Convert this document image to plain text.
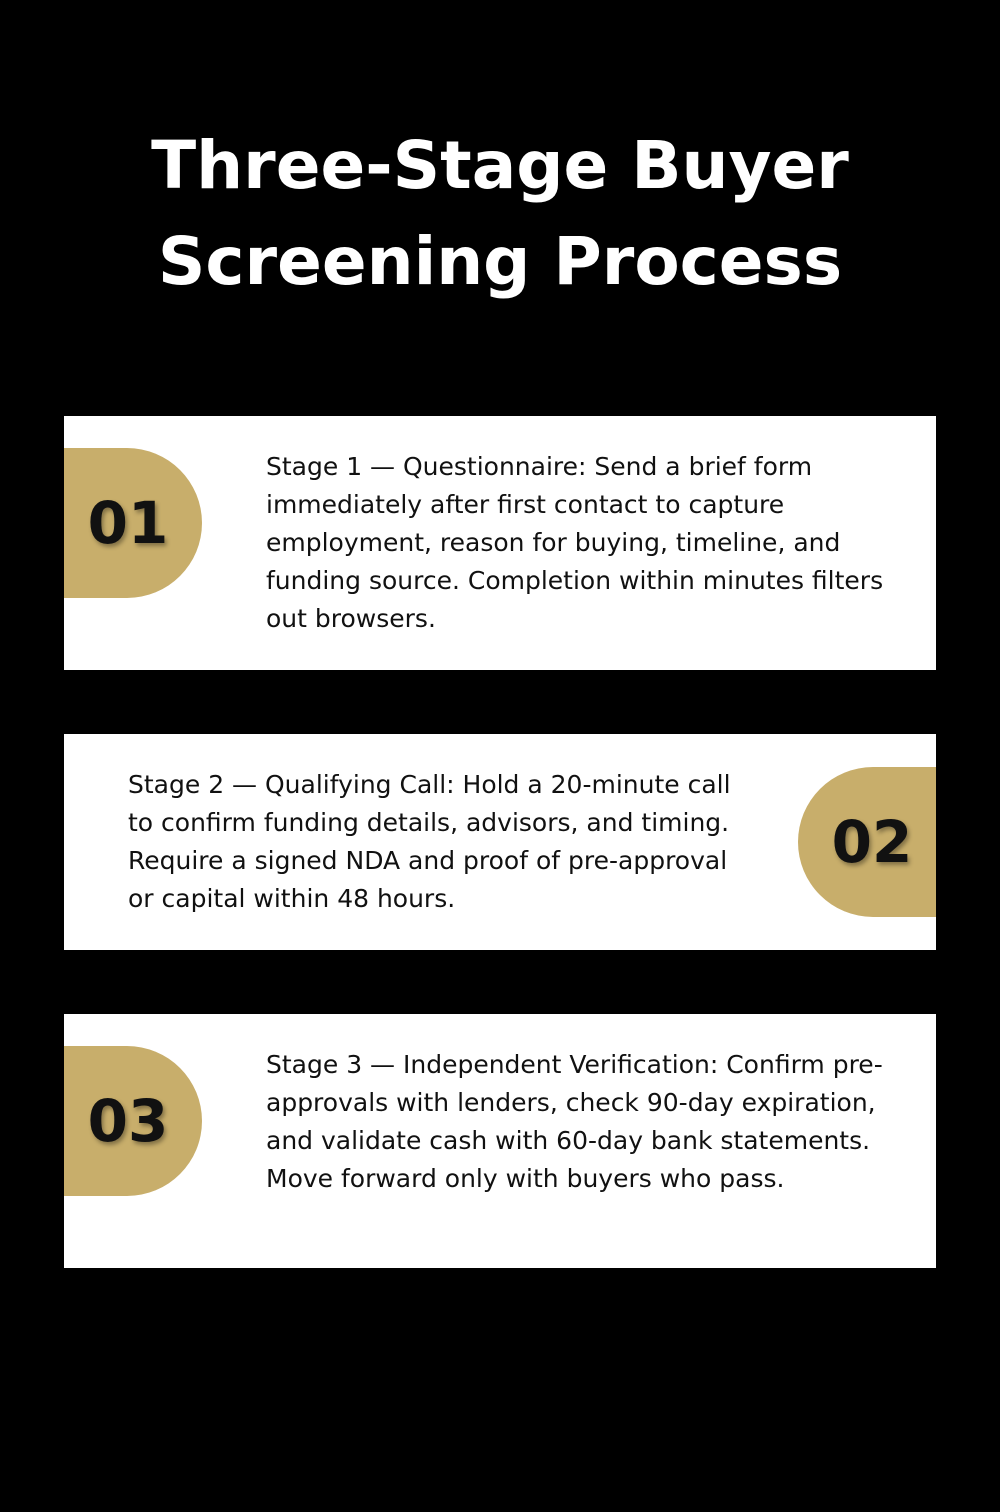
Three-Stage Buyer
Screening Process
01

Stage 1 — Questionnaire: Send a brief form immediately after first contact to capture employment, reason for buying, timeline, and funding source. Completion within minutes filters out browsers.

Stage 2 — Qualifying Call: Hold a 20-minute call to confirm funding details, advisors, and timing. Require a signed NDA and proof of pre-approval or capital within 48 hours.

02
03

Stage 3 — Independent Verification: Confirm pre-approvals with lenders, check 90-day expiration, and validate cash with 60-day bank statements. Move forward only with buyers who pass.
